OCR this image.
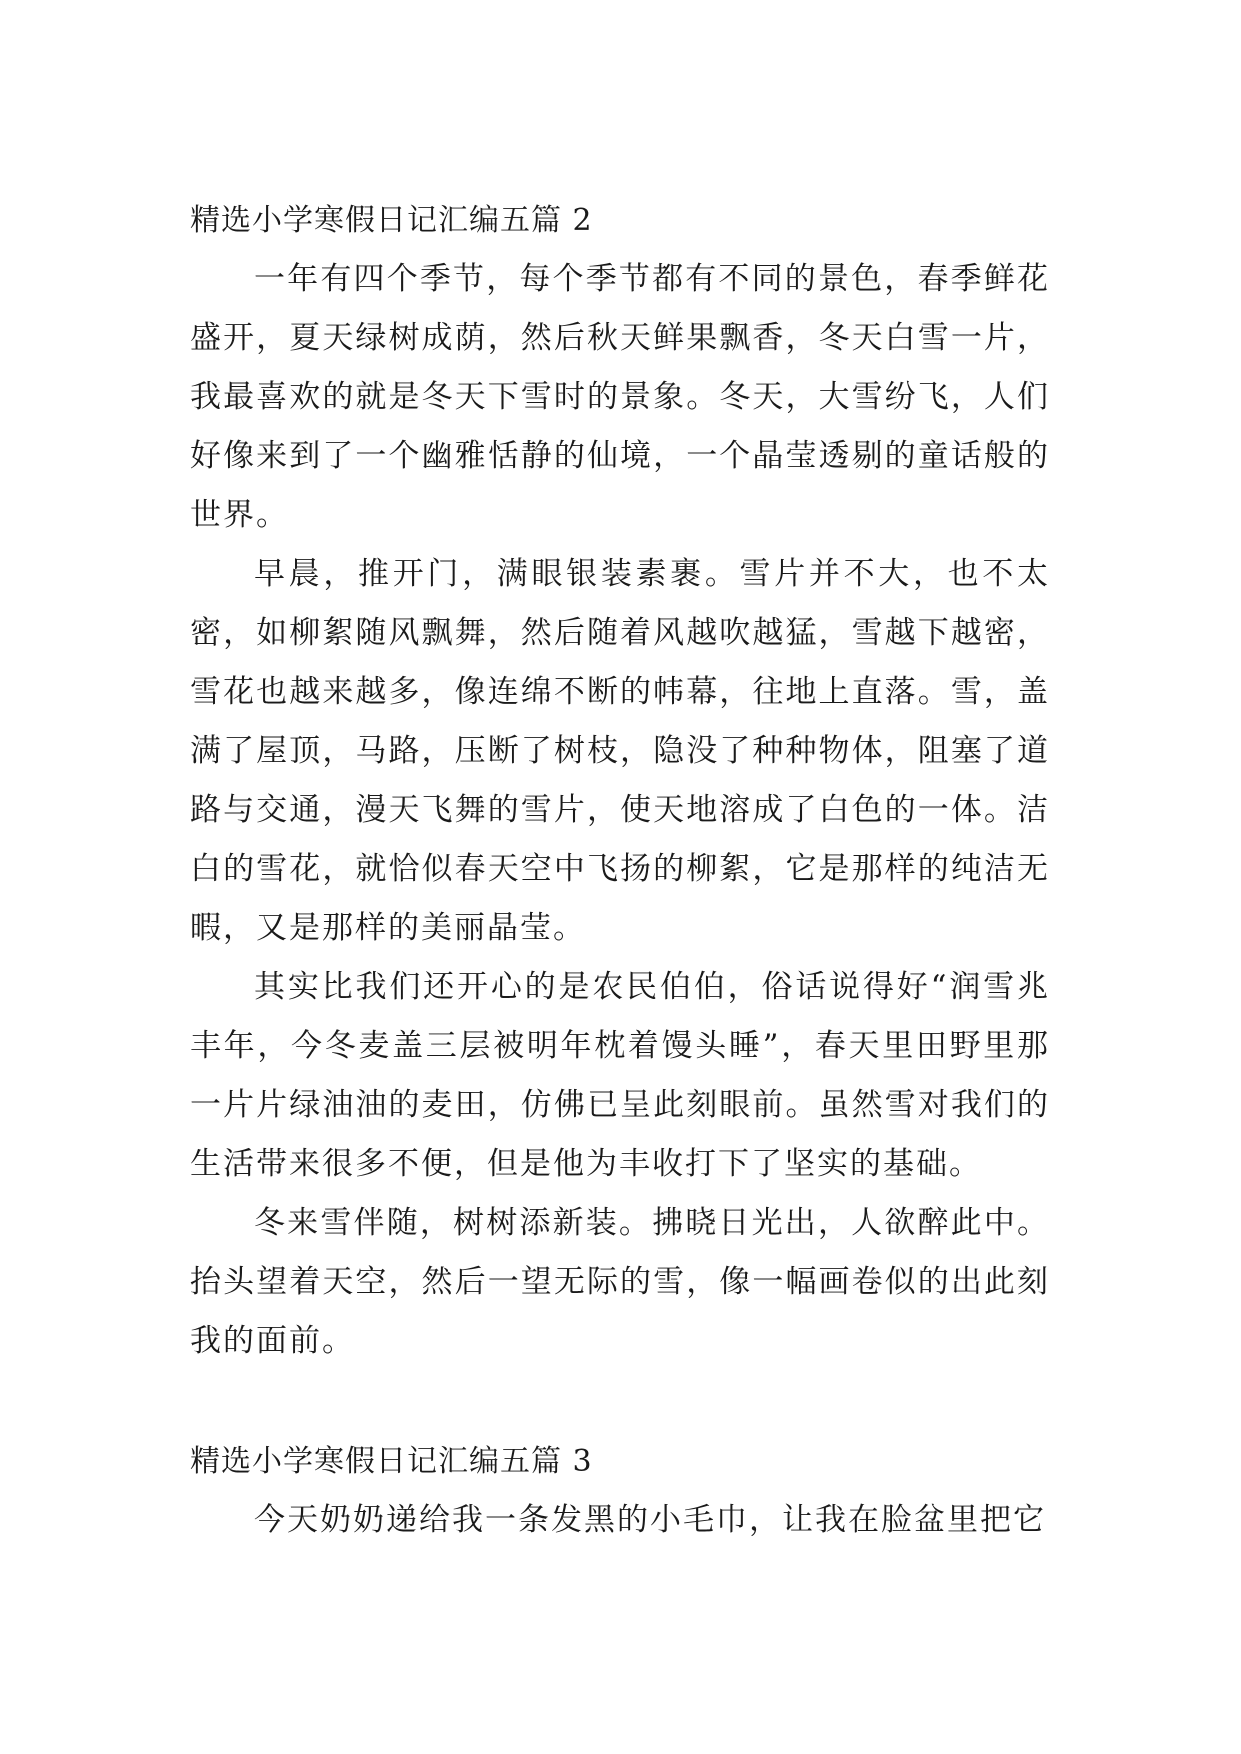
精选小学寒假日记汇编五篇 2

一年有四个季节，每个季节都有不同的景色，春季鲜花盛开，夏天绿树成荫，然后秋天鲜果飘香，冬天白雪一片，我最喜欢的就是冬天下雪时的景象。冬天，大雪纷飞，人们好像来到了一个幽雅恬静的仙境，一个晶莹透剔的童话般的世界。

早晨，推开门，满眼银装素裹。雪片并不大，也不太密，如柳絮随风飘舞，然后随着风越吹越猛，雪越下越密，雪花也越来越多，像连绵不断的帏幕，往地上直落。雪，盖满了屋顶，马路，压断了树枝，隐没了种种物体，阻塞了道路与交通，漫天飞舞的雪片，使天地溶成了白色的一体。洁白的雪花，就恰似春天空中飞扬的柳絮，它是那样的纯洁无暇，又是那样的美丽晶莹。

其实比我们还开心的是农民伯伯，俗话说得好“润雪兆丰年，今冬麦盖三层被明年枕着馒头睡”，春天里田野里那一片片绿油油的麦田，仿佛已呈此刻眼前。虽然雪对我们的生活带来很多不便，但是他为丰收打下了坚实的基础。

冬来雪伴随，树树添新装。拂晓日光出，人欲醉此中。抬头望着天空，然后一望无际的雪，像一幅画卷似的出此刻我的面前。

精选小学寒假日记汇编五篇 3

今天奶奶递给我一条发黑的小毛巾，让我在脸盆里把它
